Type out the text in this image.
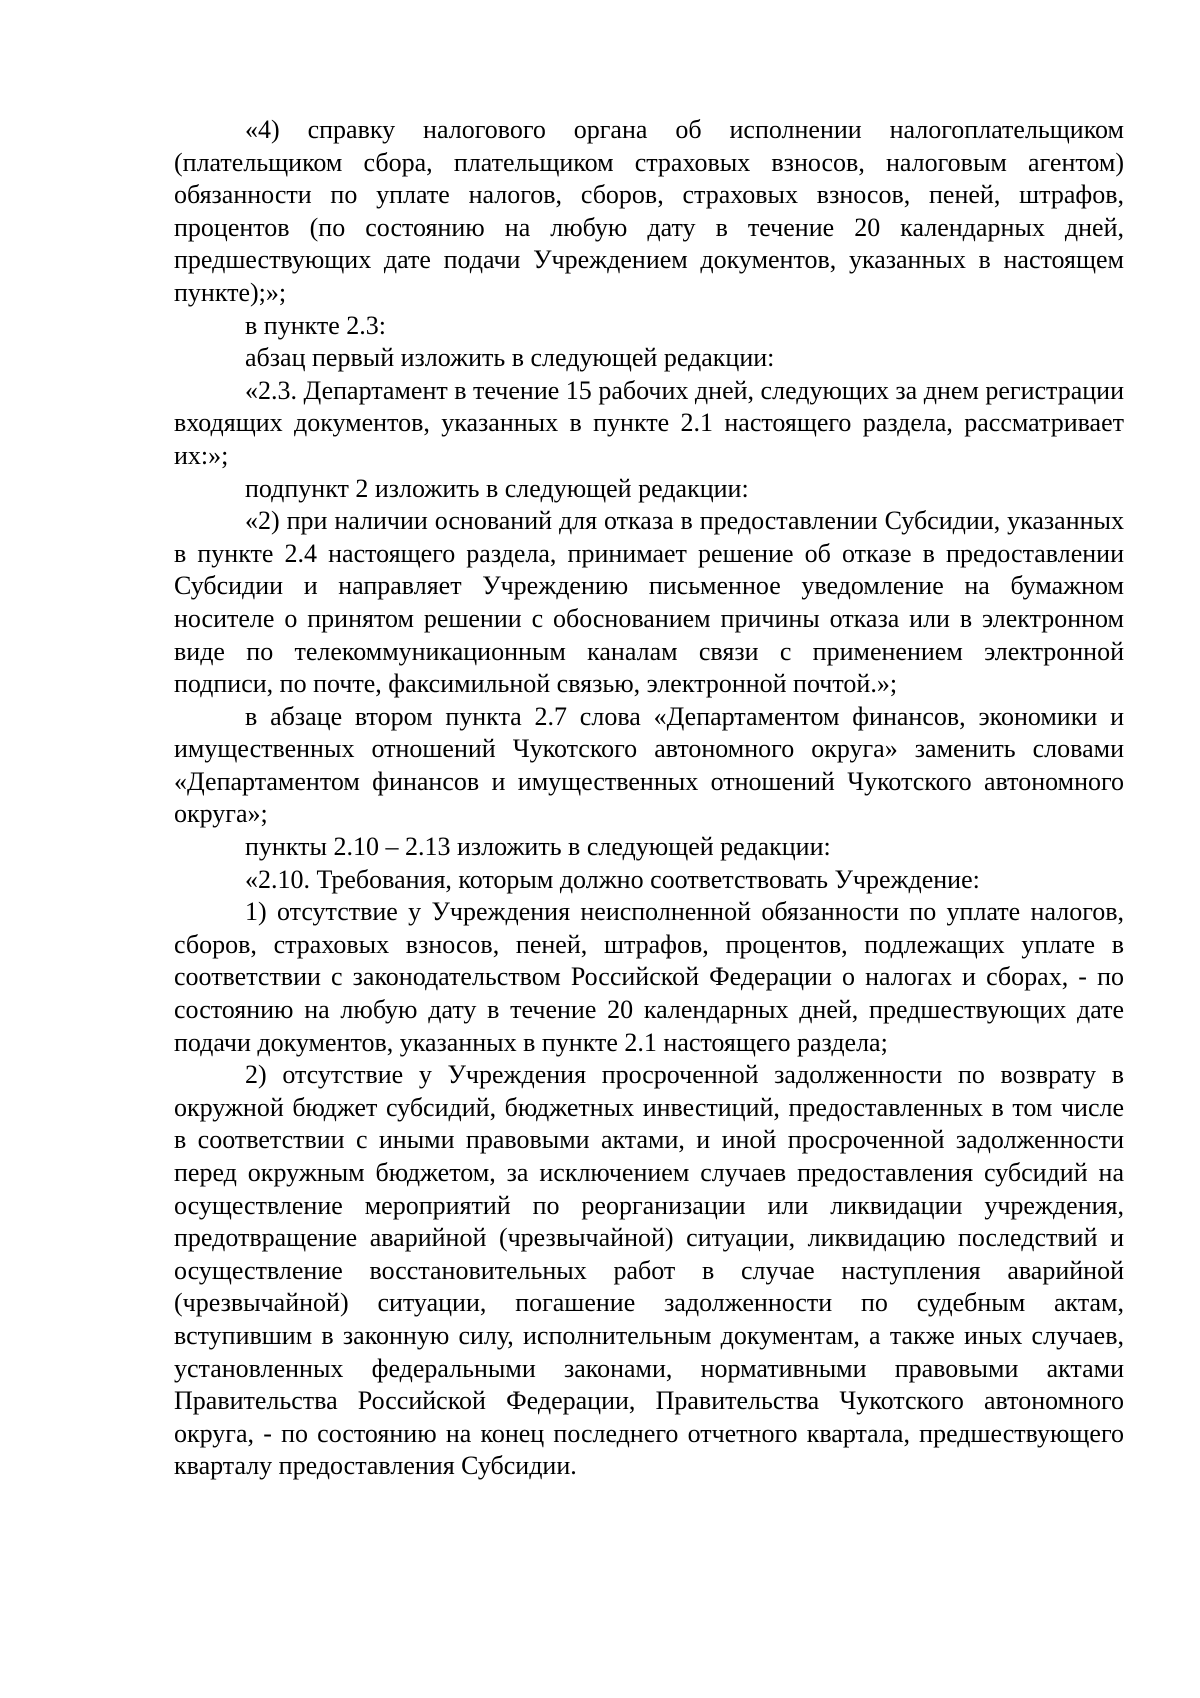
«4) справку налогового органа об исполнении налогоплательщиком (плательщиком сбора, плательщиком страховых взносов, налоговым агентом) обязанности по уплате налогов, сборов, страховых взносов, пеней, штрафов, процентов (по состоянию на любую дату в течение 20 календарных дней, предшествующих дате подачи Учреждением документов, указанных в настоящем пункте);»;

в пункте 2.3:

абзац первый изложить в следующей редакции:

«2.3. Департамент в течение 15 рабочих дней, следующих за днем регистрации входящих документов, указанных в пункте 2.1 настоящего раздела, рассматривает их:»;

подпункт 2 изложить в следующей редакции:

«2) при наличии оснований для отказа в предоставлении Субсидии, указанных в пункте 2.4 настоящего раздела, принимает решение об отказе в предоставлении Субсидии и направляет Учреждению письменное уведомление на бумажном носителе о принятом решении с обоснованием причины отказа или в электронном виде по телекоммуникационным каналам связи с применением электронной подписи, по почте, факсимильной связью, электронной почтой.»;

в абзаце втором пункта 2.7 слова «Департаментом финансов, экономики и имущественных отношений Чукотского автономного округа» заменить словами «Департаментом финансов и имущественных отношений Чукотского автономного округа»;

пункты 2.10 – 2.13 изложить в следующей редакции:

«2.10. Требования, которым должно соответствовать Учреждение:

1) отсутствие у Учреждения неисполненной обязанности по уплате налогов, сборов, страховых взносов, пеней, штрафов, процентов, подлежащих уплате в соответствии с законодательством Российской Федерации о налогах и сборах, - по состоянию на любую дату в течение 20 календарных дней, предшествующих дате подачи документов, указанных в пункте 2.1 настоящего раздела;

2) отсутствие у Учреждения просроченной задолженности по возврату в окружной бюджет субсидий, бюджетных инвестиций, предоставленных в том числе в соответствии с иными правовыми актами, и иной просроченной задолженности перед окружным бюджетом, за исключением случаев предоставления субсидий на осуществление мероприятий по реорганизации или ликвидации учреждения, предотвращение аварийной (чрезвычайной) ситуации, ликвидацию последствий и осуществление восстановительных работ в случае наступления аварийной (чрезвычайной) ситуации, погашение задолженности по судебным актам, вступившим в законную силу, исполнительным документам, а также иных случаев, установленных федеральными законами, нормативными правовыми актами Правительства Российской Федерации, Правительства Чукотского автономного округа, - по состоянию на конец последнего отчетного квартала, предшествующего кварталу предоставления Субсидии.
